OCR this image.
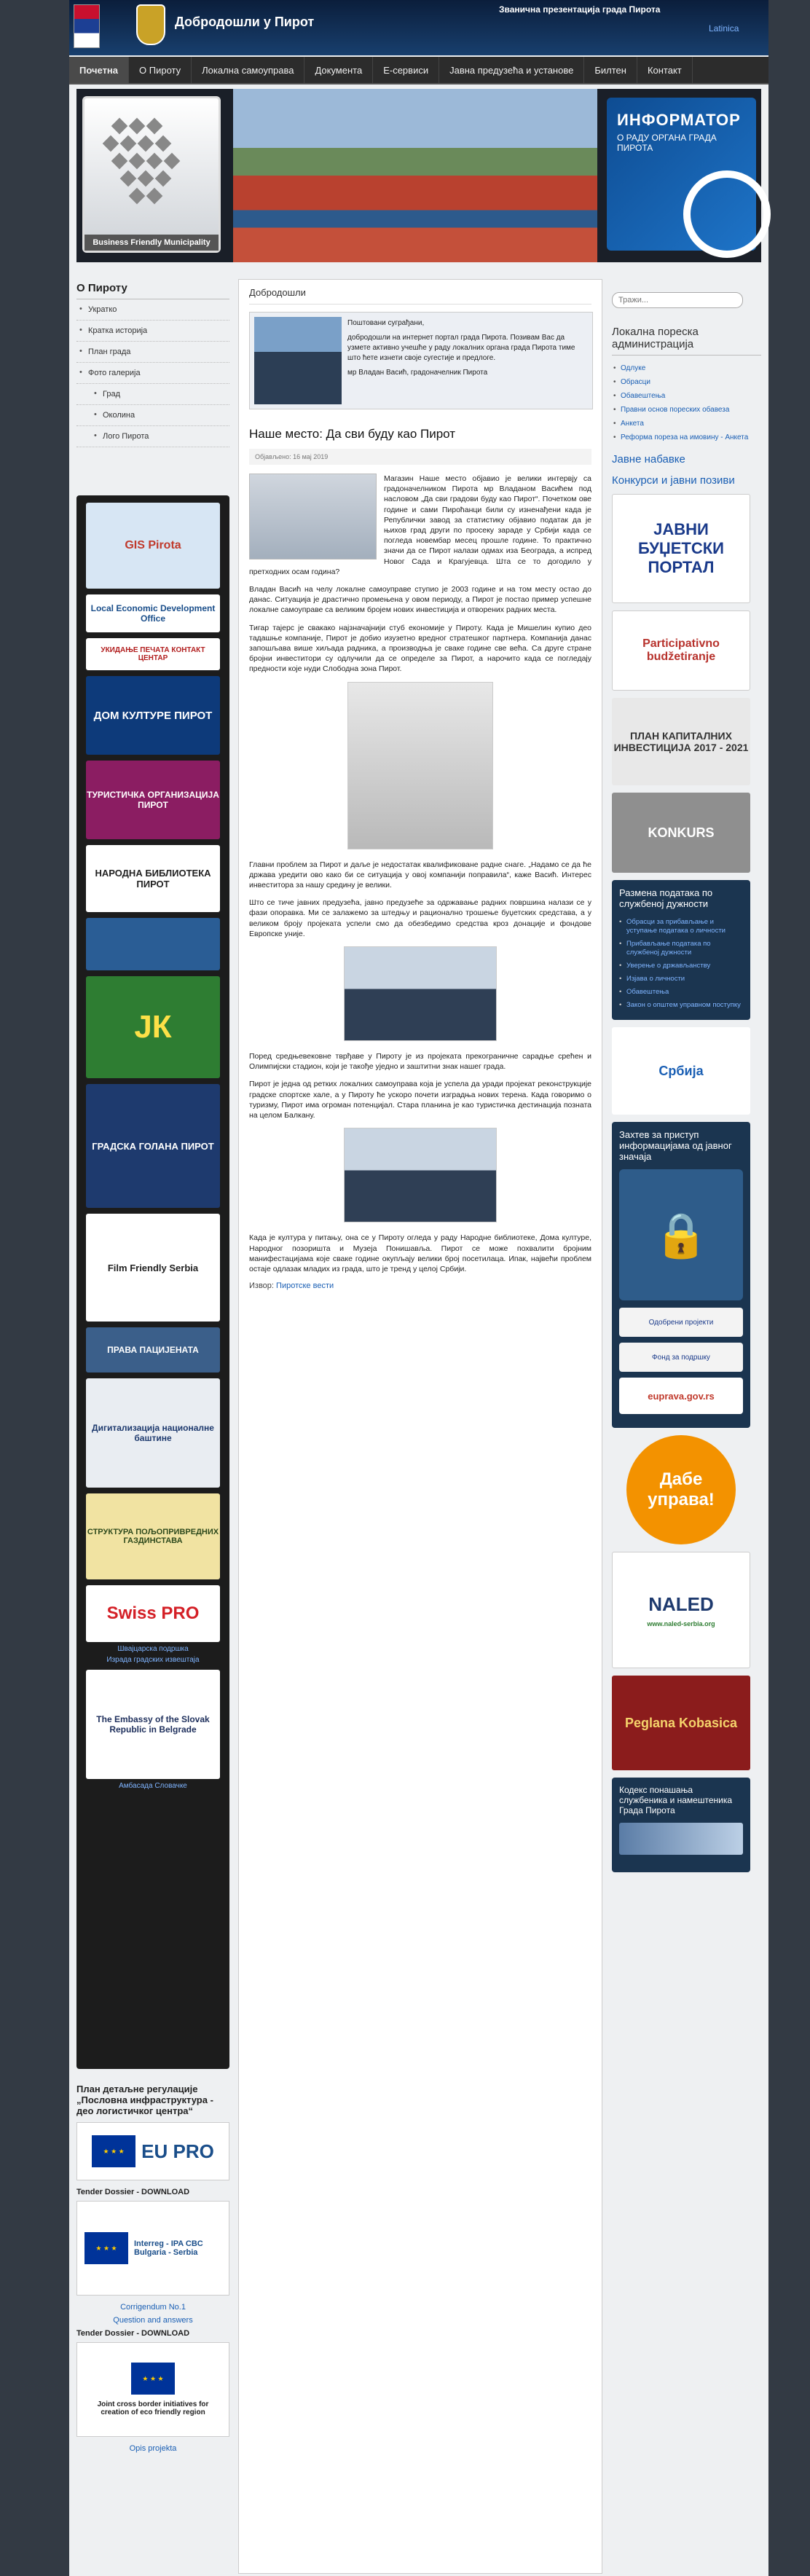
Добродошли у Пирот
Званична презентација града Пирота
Latinica
Почетна	О Пироту	Локална самоуправа	Документа	Е-сервиси	Јавна предузећа и установе	Билтен	Контакт
Business Friendly Municipality
ИНФОРМАТОР
О РАДУ ОРГАНА ГРАДА ПИРОТА
О Пироту
• Укратко
• Кратка историја
• План града
• Фото галерија
• Град
• Околина
• Лого Пирота
GIS Pirota
Local Economic Development Office
УКИДАЊЕ ПЕЧАТА КОНТАКТ ЦЕНТАР
ДОМ КУЛТУРЕ ПИРОТ
ТУРИСТИЧКА ОРГАНИЗАЦИЈА ПИРОТ
НАРОДНА БИБЛИОТЕКА ПИРОТ
ЈК
ГРАДСКА ГОЛАНА ПИРОТ
Film Friendly Serbia
ПРАВА ПАЦИЈЕНАТА
Дигитализација националне баштине
СТРУКТУРА ПОЉОПРИВРЕДНИХ ГАЗДИНСТАВА
Swiss PRO
Швајцарска подршка
Израда градских извештаја
The Embassy of the Slovak Republic in Belgrade
Амбасада Словачке
План детаљне регулације „Пословна инфраструктура - део логистичког центра“
★ ★ ★ EU PRO
Tender Dossier - DOWNLOAD
★ ★ ★	Interreg - IPA CBC Bulgaria - Serbia
Corrigendum No.1
Question and answers
Tender Dossier - DOWNLOAD
★ ★ ★
Joint cross border initiatives for creation of eco friendly region
Opis projekta
Добродошли
Поштовани суграђани,
добродошли на интернет портал града Пирота. Позивам Вас да узмете активно учешће у раду локалних органа града Пирота тиме што ћете изнети своје сугестије и предлоге.
мр Владан Васић, градоначелник Пирота
Наше место: Да сви буду као Пирот
Објављено: 16 мај 2019

Магазин Наше место објавио је велики интервју са градоначелником Пирота мр Владаном Васићем под насловом „Да сви градови буду као Пирот“. Почетком ове године и сами Пироћанци били су изненађени када је Републички завод за статистику објавио податак да је њихов град други по просеку зараде у Србији када се погледа новембар месец прошле године. То практично значи да се Пирот налази одмах иза Београда, а испред Новог Сада и Крагујевца. Шта се то догодило у претходних осам година?

Владан Васић на челу локалне самоуправе ступио је 2003 године и на том месту остао до данас. Ситуација је драстично промењена у овом периоду, а Пирот је постао пример успешне локалне самоуправе са великим бројем нових инвестиција и отворених радних места.

Тигар тајерс је свакако најзначајнији стуб економије у Пироту. Када је Мишелин купио део тадашње компаније, Пирот је добио изузетно вредног стратешког партнера. Компанија данас запошљава више хиљада радника, а производња је сваке године све већа. Са друге стране бројни инвеститори су одлучили да се определе за Пирот, а нарочито када се погледају предности које нуди Слободна зона Пирот.

Главни проблем за Пирот и даље је недостатак квалификоване радне снаге. „Надамо се да ће држава уредити ово како би се ситуација у овој компанији поправила“, каже Васић. Интерес инвеститора за нашу средину је велики.

Што се тиче јавних предузећа, јавно предузеће за одржавање радних површина налази се у фази опоравка. Ми се залажемо за штедњу и рационално трошење буџетских средстава, а у великом броју пројеката успели смо да обезбедимо средства кроз донације и фондове Европске уније.

Поред средњевековне тврђаве у Пироту је из пројеката прекограничне сарадње срећен и Олимпијски стадион, који је такође уједно и заштитни знак нашег града.

Пирот је једна од ретких локалних самоуправа која је успела да уради пројекат реконструкције градске спортске хале, а у Пироту ће ускоро почети изградња нових терена. Када говоримо о туризму, Пирот има огроман потенцијал. Стара планина је као туристичка дестинација позната на целом Балкану.

Када је култура у питању, она се у Пироту огледа у раду Народне библиотеке, Дома културе, Народног позоришта и Музеја Понишавља. Пирот се може похвалити бројним манифестацијама које сваке године окупљају велики број посетилаца. Ипак, највећи проблем остаје одлазак младих из града, што је тренд у целој Србији.

Извор: Пиротске вести
Тражи...
Локална пореска администрација
• Одлуке
• Обрасци
• Обавештења
• Правни основ пореских обавеза
• Анкета
• Реформа пореза на имовину - Анкета
Јавне набавке
Конкурси и јавни позиви
ЈАВНИ БУЏЕТСКИ ПОРТАЛ
Participativno budžetiranje
ПЛАН КАПИТАЛНИХ ИНВЕСТИЦИЈА 2017 - 2021
KONKURS
Размена података по службеној дужности
• Обрасци за прибављање и уступање података о личности
• Прибављање података по службеној дужности
• Уверење о држављанству
• Изјава о личности
• Обавештења
• Закон о општем управном поступку
Србија
Захтев за приступ информацијама од јавног значаја
🔒
Одобрени пројекти
Фонд за подршку
euprava.gov.rs
Дабе управа!
NALED
www.naled-serbia.org
Peglana Kobasica
Кодекс понашања службеника и намештеника Града Пирота
